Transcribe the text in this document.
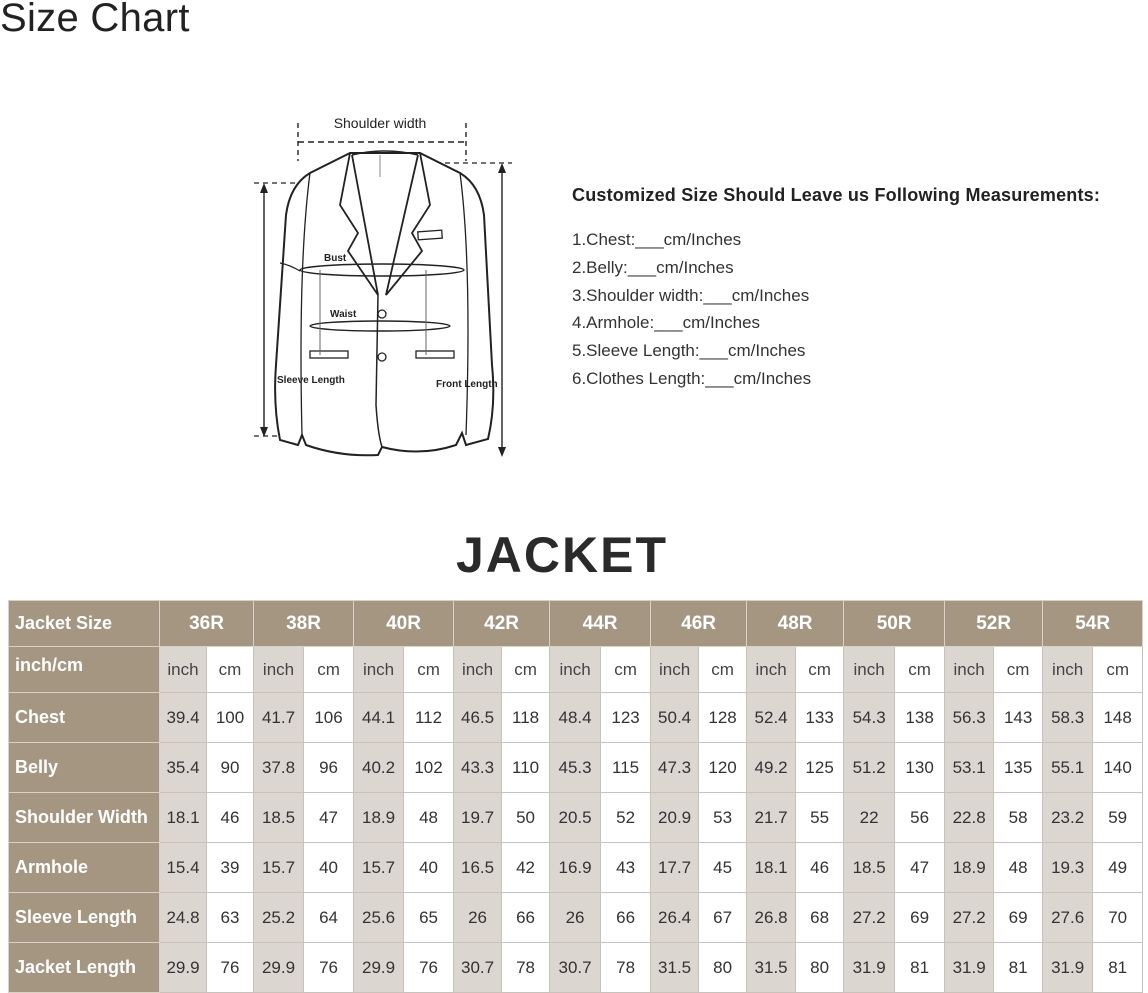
Size Chart
Shoulder width
Bust
Waist
Sleeve Length	Front Length
Customized Size Should Leave us Following Measurements:
1.Chest:___cm/Inches
2.Belly:___cm/Inches
3.Shoulder width:___cm/Inches
4.Armhole:___cm/Inches
5.Sleeve Length:___cm/Inches
6.Clothes Length:___cm/Inches
JACKET
Jacket Size	36R		38R		40R		42R		44R		46R		48R		50R		52R		54R	
inch/cm	inch	cm	inch	cm	inch	cm	inch	cm	inch	cm	inch	cm	inch	cm	inch	cm	inch	cm	inch	cm
Chest	39.4	100	41.7	106	44.1	112	46.5	118	48.4	123	50.4	128	52.4	133	54.3	138	56.3	143	58.3	148
Belly	35.4	90	37.8	96	40.2	102	43.3	110	45.3	115	47.3	120	49.2	125	51.2	130	53.1	135	55.1	140
Shoulder Width	18.1	46	18.5	47	18.9	48	19.7	50	20.5	52	20.9	53	21.7	55	22	56	22.8	58	23.2	59
Armhole	15.4	39	15.7	40	15.7	40	16.5	42	16.9	43	17.7	45	18.1	46	18.5	47	18.9	48	19.3	49
Sleeve Length	24.8	63	25.2	64	25.6	65	26	66	26	66	26.4	67	26.8	68	27.2	69	27.2	69	27.6	70
Jacket Length	29.9	76	29.9	76	29.9	76	30.7	78	30.7	78	31.5	80	31.5	80	31.9	81	31.9	81	31.9	81
